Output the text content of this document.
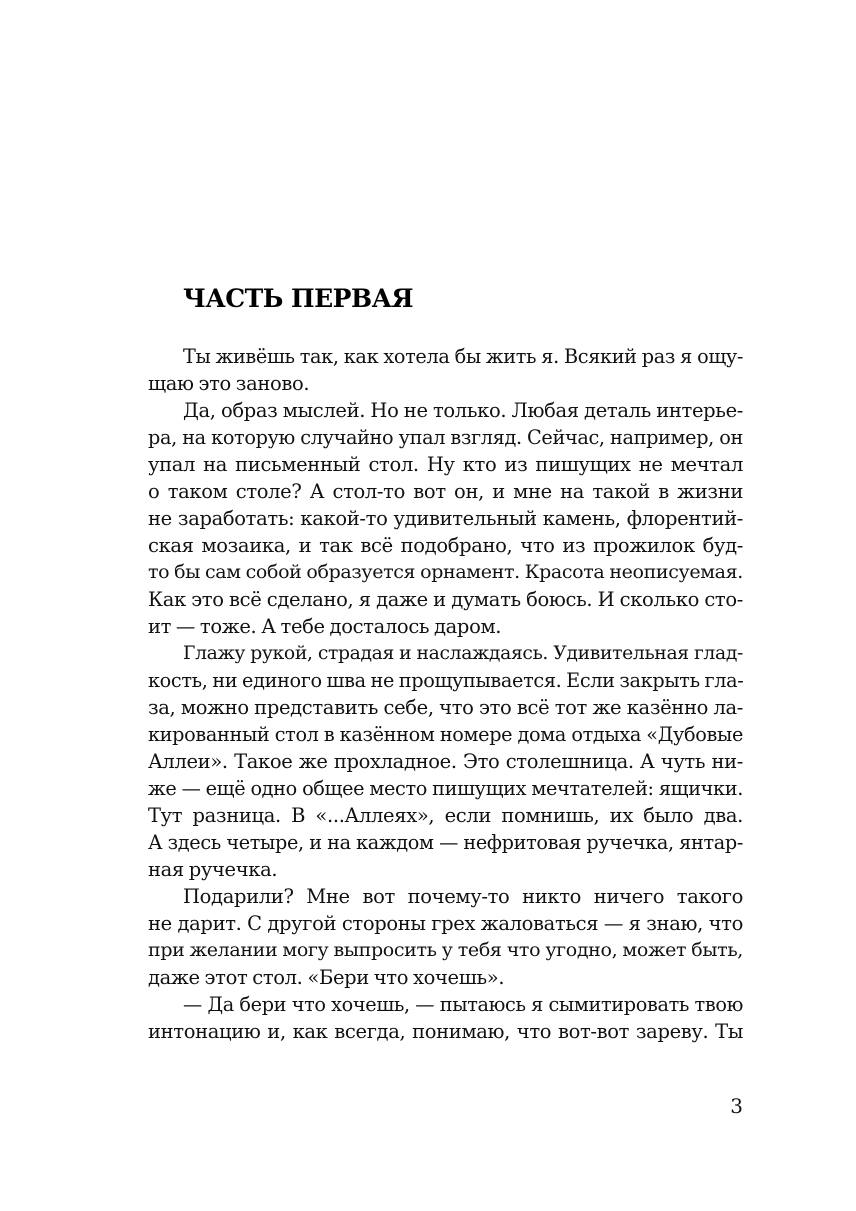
ЧАСТЬ ПЕРВАЯ
Ты живёшь так, как хотела бы жить я. Всякий раз я ощу-
щаю это заново.
Да, образ мыслей. Но не только. Любая деталь интерье-
ра, на которую случайно упал взгляд. Сейчас, например, он
упал на письменный стол. Ну кто из пишущих не мечтал
о таком столе? А стол-то вот он, и мне на такой в жизни
не заработать: какой-то удивительный камень, флорентий-
ская мозаика, и так всё подобрано, что из прожилок буд-
то бы сам собой образуется орнамент. Красота неописуемая.
Как это всё сделано, я даже и думать боюсь. И сколько сто-
ит — тоже. А тебе досталось даром.
Глажу рукой, страдая и наслаждаясь. Удивительная глад-
кость, ни единого шва не прощупывается. Если закрыть гла-
за, можно представить себе, что это всё тот же казённо ла-
кированный стол в казённом номере дома отдыха «Дубовые
Аллеи». Такое же прохладное. Это столешница. А чуть ни-
же — ещё одно общее место пишущих мечтателей: ящички.
Тут разница. В «...Аллеях», если помнишь, их было два.
А здесь четыре, и на каждом — нефритовая ручечка, янтар-
ная ручечка.
Подарили? Мне вот почему-то никто ничего такого
не дарит. С другой стороны грех жаловаться — я знаю, что
при желании могу выпросить у тебя что угодно, может быть,
даже этот стол. «Бери что хочешь».
— Да бери что хочешь, — пытаюсь я сымитировать твою
интонацию и, как всегда, понимаю, что вот-вот зареву. Ты
3
